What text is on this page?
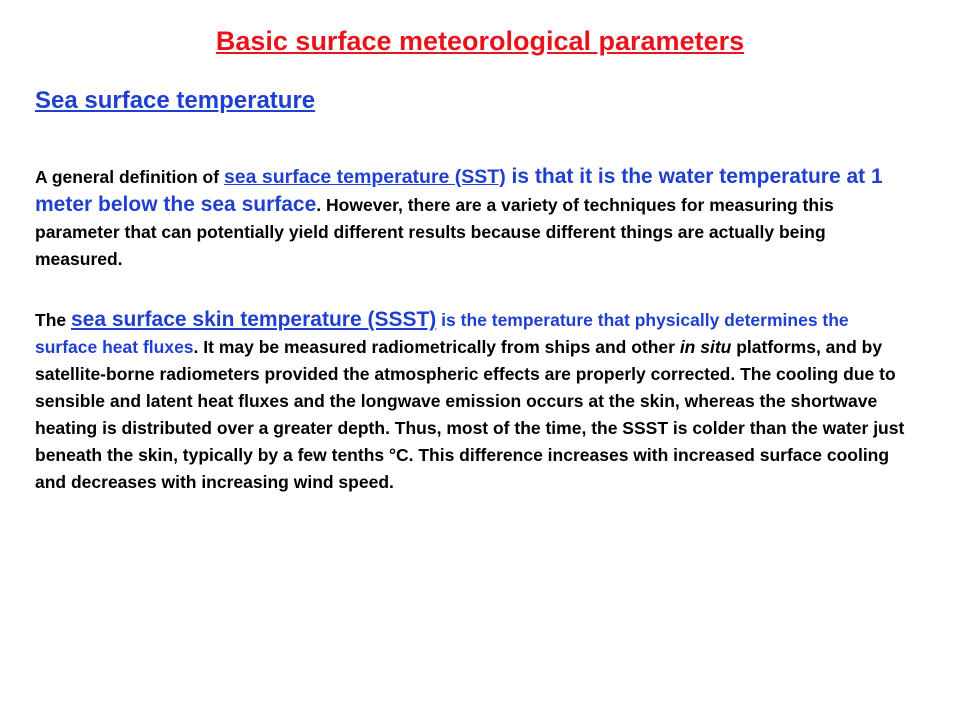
Basic surface meteorological parameters
Sea surface temperature

A general definition of sea surface temperature (SST) is that it is the water temperature at 1 meter below the sea surface. However, there are a variety of techniques for measuring this parameter that can potentially yield different results because different things are actually being measured.

The sea surface skin temperature (SSST) is the temperature that physically determines the surface heat fluxes. It may be measured radiometrically from ships and other in situ platforms, and by satellite-borne radiometers provided the atmospheric effects are properly corrected. The cooling due to sensible and latent heat fluxes and the longwave emission occurs at the skin, whereas the shortwave heating is distributed over a greater depth. Thus, most of the time, the SSST is colder than the water just beneath the skin, typically by a few tenths °C. This difference increases with increased surface cooling and decreases with increasing wind speed.
